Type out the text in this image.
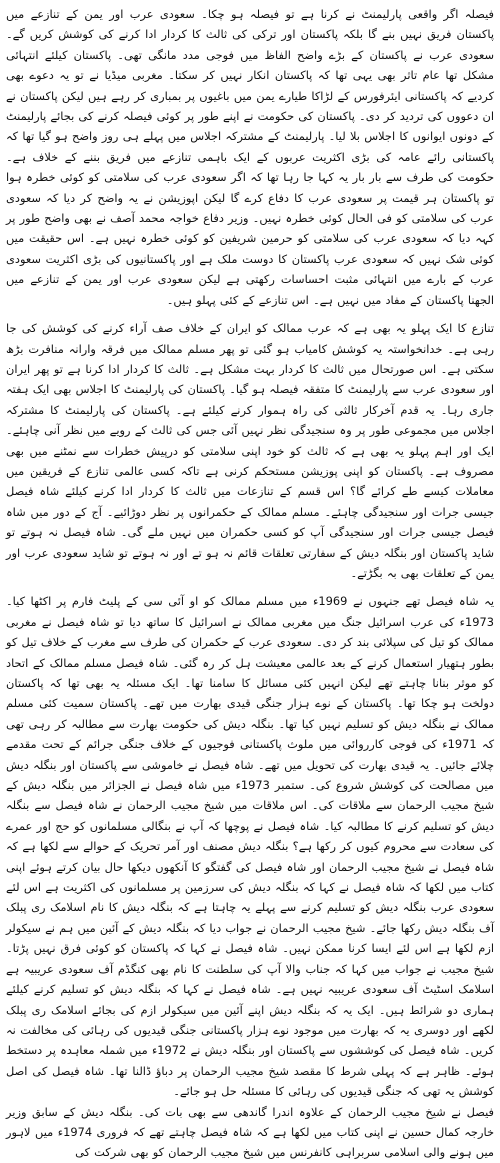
فیصلہ اگر واقعی پارلیمنٹ نے کرنا ہے تو فیصلہ ہو چکا۔ سعودی عرب اور یمن کے تنازعے میں پاکستان فریق نہیں بنے گا بلکہ پاکستان اور ترکی کی ثالث کا کردار ادا کرنے کی کوشش کریں گے۔ سعودی عرب نے پاکستان کے بڑے واضح الفاظ میں فوجی مدد مانگی تھی۔ پاکستان کیلئے انتہائی مشکل تھا عام تاثر بھی یہی تھا کہ پاکستان انکار نہیں کر سکتا۔ مغربی میڈیا نے تو یہ دعوے بھی کردیے کہ پاکستانی ایئرفورس کے لڑاکا طیارے یمن میں باغیوں پر بمباری کر رہے ہیں لیکن پاکستان نے ان دعووں کی تردید کر دی۔ پاکستان کی حکومت نے اپنے طور پر کوئی فیصلہ کرنے کی بجائے پارلیمنٹ کے دونوں ایوانوں کا اجلاس بلا لیا۔ پارلیمنٹ کے مشترکہ اجلاس میں پہلے ہی روز واضح ہو گیا تھا کہ پاکستانی رائے عامہ کی بڑی اکثریت عربوں کے ایک باہمی تنازعے میں فریق بننے کے خلاف ہے۔ حکومت کی طرف سے بار بار یہ کہا جا رہا تھا کہ اگر سعودی عرب کی سلامتی کو کوئی خطرہ ہوا تو پاکستان ہر قیمت پر سعودی عرب کا دفاع کرے گا لیکن اپوزیشن نے یہ واضح کر دیا کہ سعودی عرب کی سلامتی کو فی الحال کوئی خطرہ نہیں۔ وزیر دفاع خواجہ محمد آصف نے بھی واضح طور پر کہہ دیا کہ سعودی عرب کی سلامتی کو حرمین شریفین کو کوئی خطرہ نہیں ہے۔ اس حقیقت میں کوئی شک نہیں کہ سعودی عرب پاکستان کا دوست ملک ہے اور پاکستانیوں کی بڑی اکثریت سعودی عرب کے بارے میں انتہائی مثبت احساسات رکھتی ہے لیکن سعودی عرب اور یمن کے تنازعے میں الجھنا پاکستان کے مفاد میں نہیں ہے۔ اس تنازعے کے کئی پہلو ہیں۔

تنازع کا ایک پہلو یہ بھی ہے کہ عرب ممالک کو ایران کے خلاف صف آراء کرنے کی کوشش کی جا رہی ہے۔ خدانخواستہ یہ کوشش کامیاب ہو گئی تو پھر مسلم ممالک میں فرقہ وارانہ منافرت بڑھ سکتی ہے۔ اس صورتحال میں ثالث کا کردار بہت مشکل ہے۔ ثالث کا کردار ادا کرنا ہے تو پھر ایران اور سعودی عرب سے پارلیمنٹ کا متفقہ فیصلہ ہو گیا۔ پاکستان کی پارلیمنٹ کا اجلاس بھی ایک ہفتہ جاری رہا۔ یہ قدم آخرکار ثالثی کی راہ ہموار کرنے کیلئے ہے۔ پاکستان کی پارلیمنٹ کا مشترکہ اجلاس میں مجموعی طور پر وہ سنجیدگی نظر نہیں آئی جس کی ثالث کے رویے میں نظر آنی چاہئے۔ ایک اور اہم پہلو یہ بھی ہے کہ ثالث کو خود اپنی سلامتی کو درپیش خطرات سے نمٹنے میں بھی مصروف ہے۔ پاکستان کو اپنی پوزیشن مستحکم کرنی ہے تاکہ کسی عالمی تنازع کے فریقین میں معاملات کیسے طے کرائے گا؟ اس قسم کے تنازعات میں ثالث کا کردار ادا کرنے کیلئے شاہ فیصل جیسی جرات اور سنجیدگی چاہئے۔ مسلم ممالک کے حکمرانوں پر نظر دوڑائیے۔ آج کے دور میں شاہ فیصل جیسی جرات اور سنجیدگی آپ کو کسی حکمران میں نہیں ملے گی۔ شاہ فیصل نہ ہوتے تو شاید پاکستان اور بنگلہ دیش کے سفارتی تعلقات قائم نہ ہو تے اور نہ ہوتے تو شاید سعودی عرب اور یمن کے تعلقات بھی بہ بگڑتے۔

یہ شاہ فیصل تھے جنہوں نے 1969ء میں مسلم ممالک کو او آئی سی کے پلیٹ فارم پر اکٹھا کیا۔ 1973ء کی عرب اسرائیل جنگ میں مغربی ممالک نے اسرائیل کا ساتھ دیا تو شاہ فیصل نے مغربی ممالک کو تیل کی سپلائی بند کر دی۔ سعودی عرب کے حکمران کی طرف سے مغرب کے خلاف تیل کو بطور ہتھیار استعمال کرنے کے بعد عالمی معیشت ہل کر رہ گئی۔ شاہ فیصل مسلم ممالک کے اتحاد کو موثر بنانا چاہتے تھے لیکن انہیں کئی مسائل کا سامنا تھا۔ ایک مسئلہ یہ بھی تھا کہ پاکستان دولخت ہو چکا تھا۔ پاکستان کے نوے ہزار جنگی قیدی بھارت میں تھے۔ پاکستان سمیت کئی مسلم ممالک نے بنگلہ دیش کو تسلیم نہیں کیا تھا۔ بنگلہ دیش کی حکومت بھارت سے مطالبہ کر رہی تھی کہ 1971ء کی فوجی کارروائی میں ملوث پاکستانی فوجیوں کے خلاف جنگی جرائم کے تحت مقدمے چلائے جائیں۔ یہ قیدی بھارت کی تحویل میں تھے۔ شاہ فیصل نے خاموشی سے پاکستان اور بنگلہ دیش میں مصالحت کی کوشش شروع کی۔ ستمبر 1973ء میں شاہ فیصل نے الجزائر میں بنگلہ دیش کے شیخ مجیب الرحمان سے ملاقات کی۔ اس ملاقات میں شیخ مجیب الرحمان نے شاہ فیصل سے بنگلہ دیش کو تسلیم کرنے کا مطالبہ کیا۔ شاہ فیصل نے پوچھا کہ آپ نے بنگالی مسلمانوں کو حج اور عمرے کی سعادت سے محروم کیوں کر رکھا ہے؟ بنگلہ دیش مصنف اور آمر تحریک کے حوالے سے لکھا ہے کہ شاہ فیصل نے شیخ مجیب الرحمان اور شاہ فیصل کی گفتگو کا آنکھوں دیکھا حال بیان کرتے ہوئے اپنی کتاب میں لکھا کہ شاہ فیصل نے کہا کہ بنگلہ دیش کی سرزمین پر مسلمانوں کی اکثریت ہے اس لئے سعودی عرب بنگلہ دیش کو تسلیم کرنے سے پہلے یہ چاہتا ہے کہ بنگلہ دیش کا نام اسلامک ری پبلک آف بنگلہ دیش رکھا جائے۔ شیخ مجیب الرحمان نے جواب دیا کہ بنگلہ دیش کے آئین میں ہم نے سیکولر ازم لکھا ہے اس لئے ایسا کرنا ممکن نہیں۔ شاہ فیصل نے کہا کہ پاکستان کو کوئی فرق نہیں پڑتا۔ شیخ مجیب نے جواب میں کہا کہ جناب والا آپ کی سلطنت کا نام بھی کنگڈم آف سعودی عریبیہ ہے اسلامک اسٹیٹ آف سعودی عریبیہ نہیں ہے۔ شاہ فیصل نے کہا کہ بنگلہ دیش کو تسلیم کرنے کیلئے ہماری دو شرائط ہیں۔ ایک یہ کہ بنگلہ دیش اپنے آئین میں سیکولر ازم کی بجائے اسلامک ری پبلک لکھے اور دوسری یہ کہ بھارت میں موجود نوے ہزار پاکستانی جنگی قیدیوں کی رہائی کی مخالفت نہ کریں۔ شاہ فیصل کی کوششوں سے پاکستان اور بنگلہ دیش نے 1972ء میں شملہ معاہدہ پر دستخط ہوئے۔ ظاہر ہے کہ پہلی شرط کا مقصد شیخ مجیب الرحمان پر دباؤ ڈالنا تھا۔ شاہ فیصل کی اصل کوشش یہ تھی کہ جنگی قیدیوں کی رہائی کا مسئلہ حل ہو جائے۔

فیصل نے شیخ مجیب الرحمان کے علاوہ اندرا گاندھی سے بھی بات کی۔ بنگلہ دیش کے سابق وزیر خارجہ کمال حسین نے اپنی کتاب میں لکھا ہے کہ شاہ فیصل چاہتے تھے کہ فروری 1974ء میں لاہور میں ہونے والی اسلامی سربراہی کانفرنس میں شیخ مجیب الرحمان کو بھی شرکت کی
